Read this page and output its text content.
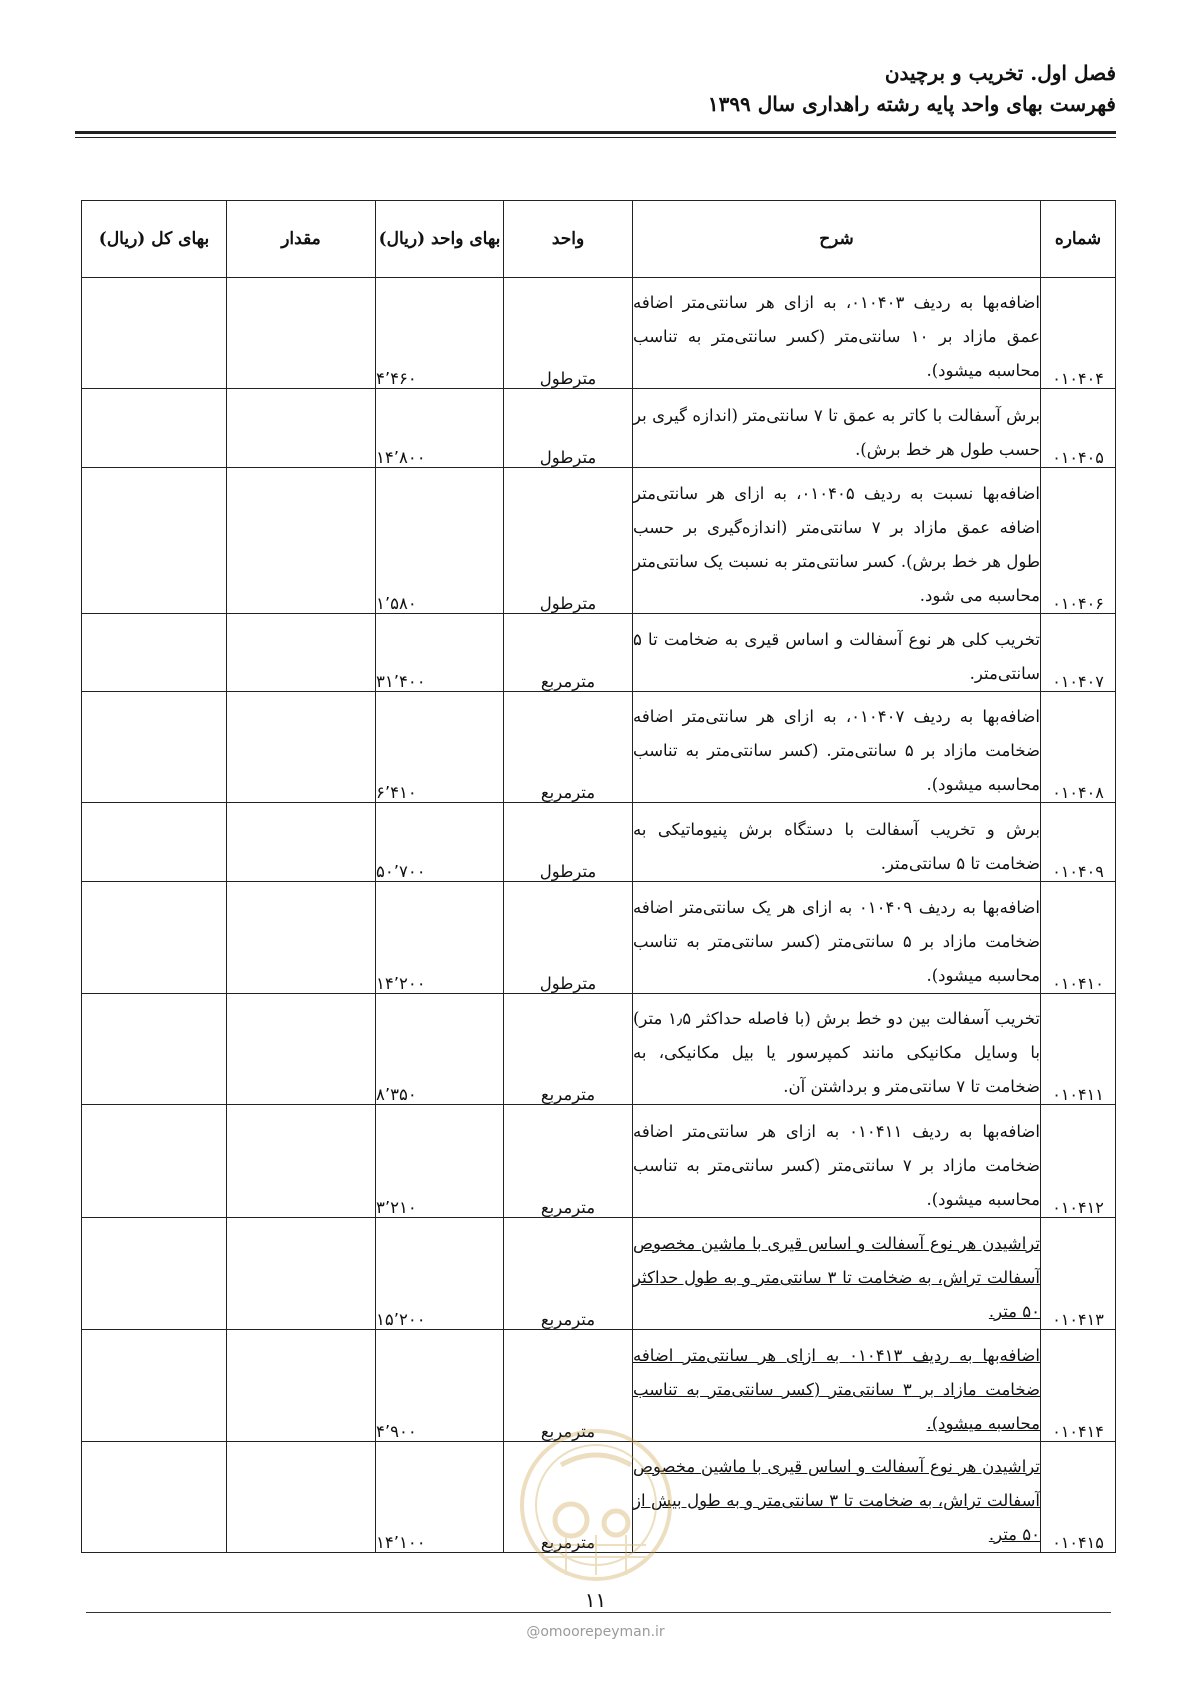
فصل اول. تخریب و برچیدن
فهرست بهای واحد پایه رشته راهداری سال ۱۳۹۹
شماره	شرح	واحد	بهای واحد (ریال)	مقدار	بهای کل (ریال)
۰۱۰۴۰۴	اضافه‌بها به ردیف ۰۱۰۴۰۳، به ازای هر سانتی‌متر اضافه عمق مازاد بر ۱۰ سانتی‌متر (کسر سانتی‌متر به تناسب محاسبه میشود).	مترطول	۴٬۴۶۰		
۰۱۰۴۰۵	برش آسفالت با کاتر به عمق تا ۷ سانتی‌متر (اندازه گیری بر حسب طول هر خط برش).	مترطول	۱۴٬۸۰۰		
۰۱۰۴۰۶	اضافه‌بها نسبت به ردیف ۰۱۰۴۰۵، به ازای هر سانتی‌متر اضافه عمق مازاد بر ۷ سانتی‌متر (اندازه‌گیری بر حسب طول هر خط برش). کسر سانتی‌متر به نسبت یک سانتی‌متر محاسبه می شود.	مترطول	۱٬۵۸۰		
۰۱۰۴۰۷	تخریب کلی هر نوع آسفالت و اساس قیری به ضخامت تا ۵ سانتی‌متر.	مترمربع	۳۱٬۴۰۰		
۰۱۰۴۰۸	اضافه‌بها به ردیف ۰۱۰۴۰۷، به ازای هر سانتی‌متر اضافه ضخامت مازاد بر ۵ سانتی‌متر. (کسر سانتی‌متر به تناسب محاسبه میشود).	مترمربع	۶٬۴۱۰		
۰۱۰۴۰۹	برش و تخریب آسفالت با دستگاه برش پنیوماتیکی به ضخامت تا ۵ سانتی‌متر.	مترطول	۵۰٬۷۰۰		
۰۱۰۴۱۰	اضافه‌بها به ردیف ۰۱۰۴۰۹ به ازای هر یک سانتی‌متر اضافه ضخامت مازاد بر ۵ سانتی‌متر (کسر سانتی‌متر به تناسب محاسبه میشود).	مترطول	۱۴٬۲۰۰		
۰۱۰۴۱۱	تخریب آسفالت بین دو خط برش (با فاصله حداکثر ۱٫۵ متر) با وسایل مکانیکی مانند کمپرسور یا بیل مکانیکی، به ضخامت تا ۷ سانتی‌متر و برداشتن آن.	مترمربع	۸٬۳۵۰		
۰۱۰۴۱۲	اضافه‌بها به ردیف ۰۱۰۴۱۱ به ازای هر سانتی‌متر اضافه ضخامت مازاد بر ۷ سانتی‌متر (کسر سانتی‌متر به تناسب محاسبه میشود).	مترمربع	۳٬۲۱۰		
۰۱۰۴۱۳	تراشیدن هر نوع آسفالت و اساس قیری با ماشین مخصوص آسفالت تراش، به ضخامت تا ۳ سانتی‌متر و به طول حداکثر ۵۰ متر.	مترمربع	۱۵٬۲۰۰		
۰۱۰۴۱۴	اضافه‌بها به ردیف ۰۱۰۴۱۳ به ازای هر سانتی‌متر اضافه ضخامت مازاد بر ۳ سانتی‌متر (کسر سانتی‌متر به تناسب محاسبه میشود).	مترمربع	۴٬۹۰۰		
۰۱۰۴۱۵	تراشیدن هر نوع آسفالت و اساس قیری با ماشین مخصوص آسفالت تراش، به ضخامت تا ۳ سانتی‌متر و به طول بیش از ۵۰ متر.	مترمربع	۱۴٬۱۰۰		
۱۱
@omoorepeyman.ir
